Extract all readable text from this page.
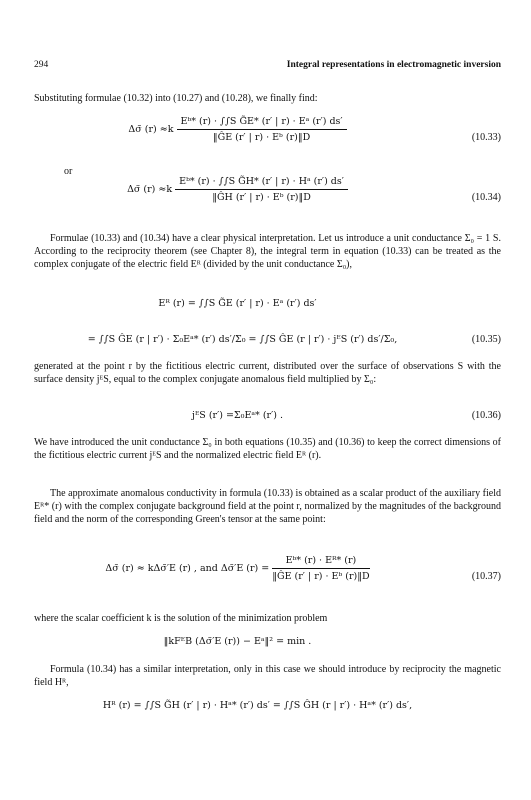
294	Integral representations in electromagnetic inversion

Substituting formulae (10.32) into (10.27) and (10.28), we finally find:

Δσ̃ $(r) \approx k \frac{\text{Eᵇ* (r) · ∫∫S G̃E* (r′ | r) · Eᵃ (r′) ds′}}{\text{‖ĜE (r′ | r) · Eᵇ (r)‖D}}$	(10.33)
or
Δσ̃ $(r) \approx k \frac{\text{Eᵇ* (r) · ∫∫S G̃H* (r′ | r) · Hᵃ (r′) ds′}}{\text{‖ĜH (r′ | r) · Eᵇ (r)‖D}}$	(10.34)

Formulae (10.33) and (10.34) have a clear physical interpretation. Let us introduce a unit conductance Σ₀ = 1 S. According to the reciprocity theorem (see Chapter 8), the integral term in equation (10.33) can be treated as the complex conjugate of the electric field Eᴿ (divided by the unit conductance Σ₀),

Eᴿ (r) = ∫∫S G̃E (r′ | r) · Eᵃ (r′) ds′
= ∫∫S ĜE (r | r′) · Σ₀Eᵃ* (r′) ds′/Σ₀ = ∫∫S ĜE (r | r′) · jᴱS (r′) ds′/Σ₀,	(10.35)

generated at the point r by the fictitious electric current, distributed over the surface of observations S with the surface density jᴱS, equal to the complex conjugate anomalous field multiplied by Σ₀:

jᴱS (r′) =Σ₀Eᵃ* (r′) .	(10.36)

We have introduced the unit conductance Σ₀ in both equations (10.35) and (10.36) to keep the correct dimensions of the fictitious electric current jᴱS and the normalized electric field Eᴿ (r).

The approximate anomalous conductivity in formula (10.33) is obtained as a scalar product of the auxiliary field Eᴿ* (r) with the complex conjugate background field at the point r, normalized by the magnitudes of the background field and the norm of the corresponding Green's tensor at the same point:

Δσ̃ (r) ≈ kΔσ̃′E (r) , and Δσ̃′E $(r) = \frac{\text{Eᵇ* (r) · Eᴿ* (r)}}{\text{‖ĜE (r′ | r) · Eᵇ (r)‖D}}$	(10.37)

where the scalar coefficient k is the solution of the minimization problem

‖kFᴱB (Δσ̃′E (r)) − Eᵃ‖² = min .

Formula (10.34) has a similar interpretation, only in this case we should introduce by reciprocity the magnetic field Hᴿ,

Hᴿ (r) = ∫∫S G̃H (r′ | r) · Hᵃ* (r′) ds′ = ∫∫S ĜH (r | r′) · Hᵃ* (r′) ds′,
